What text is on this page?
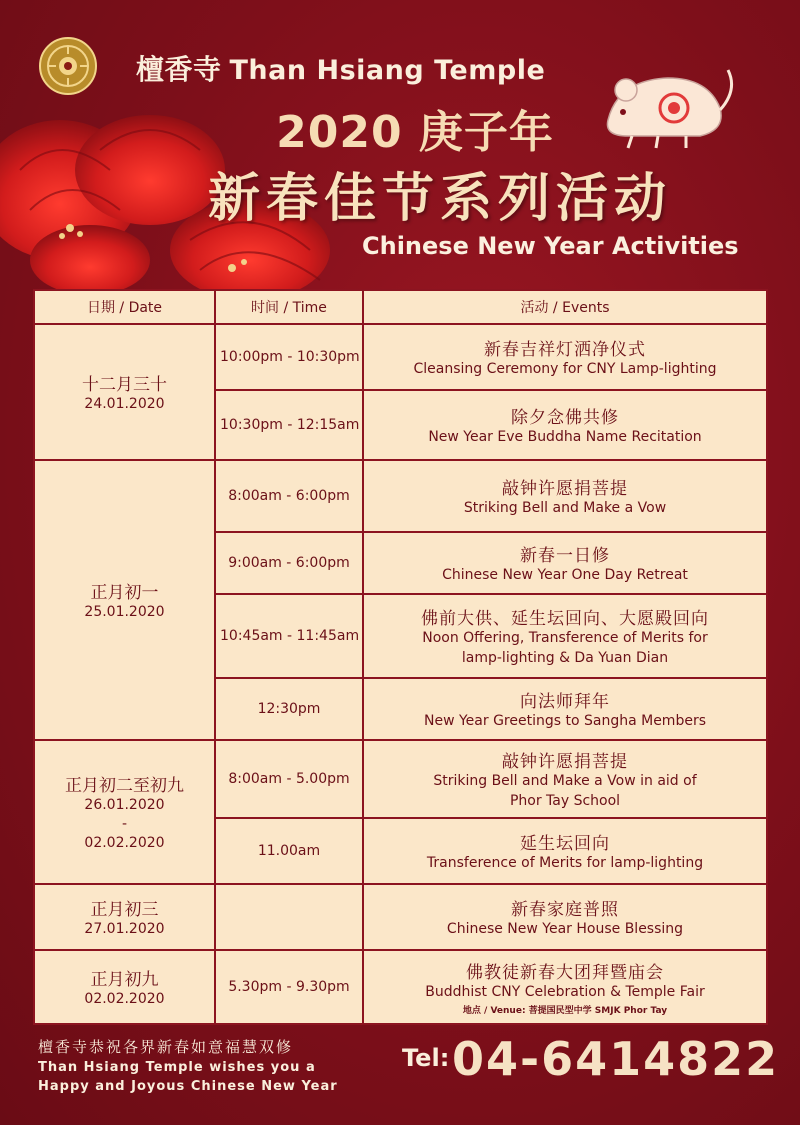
檀香寺 Than Hsiang Temple
2020 庚子年
新春佳节系列活动
Chinese New Year Activities
日期 / Date	时间 / Time	活动 / Events

十二月三十
24.01.2020	10:00pm - 10:30pm	新春吉祥灯洒净仪式
Cleansing Ceremony for CNY Lamp-lighting

	10:30pm - 12:15am	除夕念佛共修
New Year Eve Buddha Name Recitation

正月初一
25.01.2020	8:00am - 6:00pm	敲钟许愿捐菩提
Striking Bell and Make a Vow

	9:00am - 6:00pm	新春一日修
Chinese New Year One Day Retreat

	10:45am - 11:45am	佛前大供、延生坛回向、大愿殿回向
Noon Offering, Transference of Merits for
lamp-lighting & Da Yuan Dian

	12:30pm	向法师拜年
New Year Greetings to Sangha Members

正月初二至初九
26.01.2020
-
02.02.2020	8:00am - 5.00pm	敲钟许愿捐菩提
Striking Bell and Make a Vow in aid of
Phor Tay School

	11.00am	延生坛回向
Transference of Merits for lamp-lighting

正月初三
27.01.2020		新春家庭普照
Chinese New Year House Blessing

正月初九
02.02.2020	5.30pm - 9.30pm	佛教徒新春大团拜暨庙会
Buddhist CNY Celebration & Temple Fair
地点 / Venue: 菩提国民型中学 SMJK Phor Tay
檀香寺恭祝各界新春如意福慧双修
Than Hsiang Temple wishes you a
Happy and Joyous Chinese New Year
Tel: 04-6414822
